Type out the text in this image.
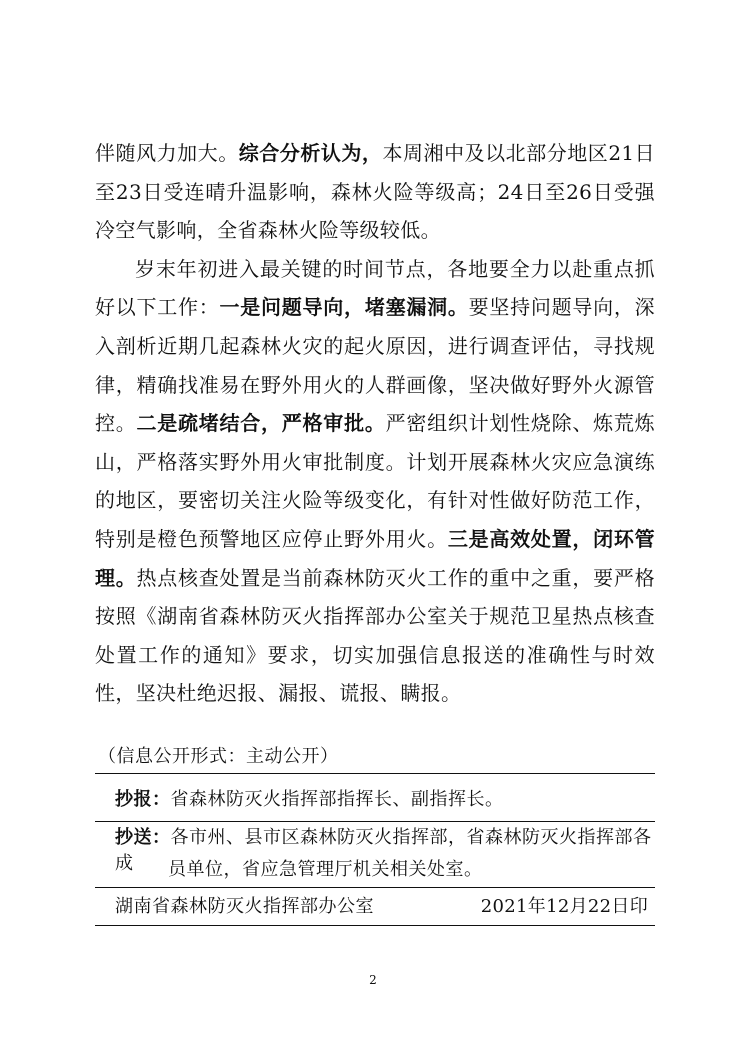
伴随风力加大。综合分析认为，本周湘中及以北部分地区21日至23日受连晴升温影响，森林火险等级高；24日至26日受强冷空气影响，全省森林火险等级较低。

岁末年初进入最关键的时间节点，各地要全力以赴重点抓好以下工作：一是问题导向，堵塞漏洞。要坚持问题导向，深入剖析近期几起森林火灾的起火原因，进行调查评估，寻找规律，精确找准易在野外用火的人群画像，坚决做好野外火源管控。二是疏堵结合，严格审批。严密组织计划性烧除、炼荒炼山，严格落实野外用火审批制度。计划开展森林火灾应急演练的地区，要密切关注火险等级变化，有针对性做好防范工作，特别是橙色预警地区应停止野外用火。三是高效处置，闭环管理。热点核查处置是当前森林防灭火工作的重中之重，要严格按照《湖南省森林防灭火指挥部办公室关于规范卫星热点核查处置工作的通知》要求，切实加强信息报送的准确性与时效性，坚决杜绝迟报、漏报、谎报、瞒报。

（信息公开形式：主动公开）
抄报：省森林防灭火指挥部指挥长、副指挥长。
抄送：各市州、县市区森林防灭火指挥部，省森林防灭火指挥部各成	员单位，省应急管理厅机关相关处室。
湖南省森林防灭火指挥部办公室	2021年12月22日印
2
